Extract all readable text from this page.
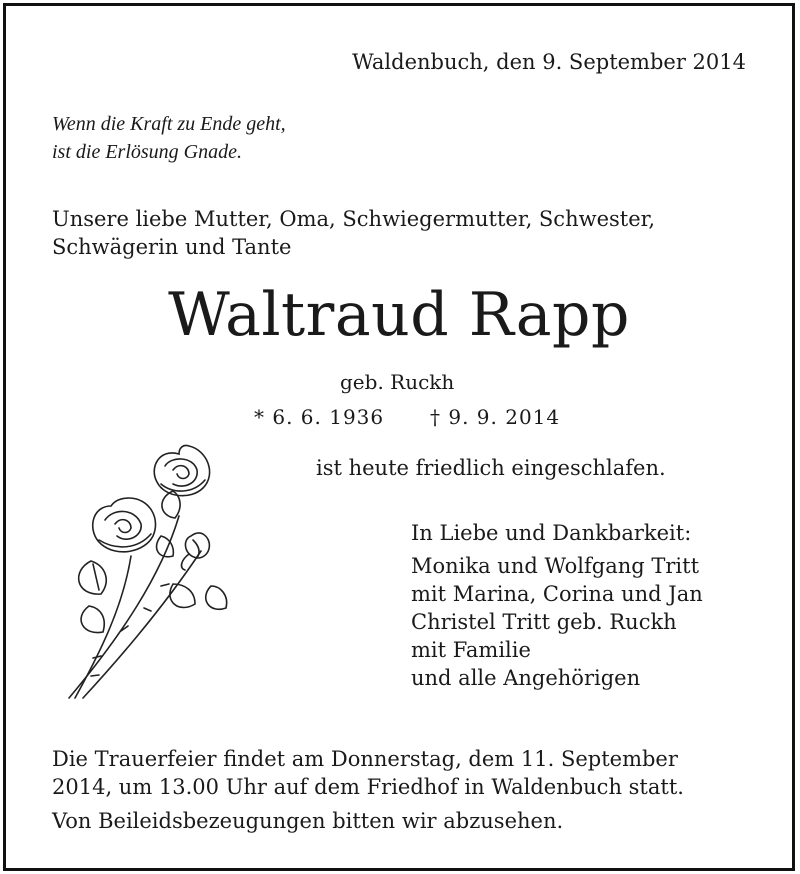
Waldenbuch, den 9. September 2014

Wenn die Kraft zu Ende geht,

ist die Erlösung Gnade.

Unsere liebe Mutter, Oma, Schwiegermutter, Schwester,

Schwägerin und Tante

Waltraud Rapp

geb. Ruckh

* 6. 6. 1936 † 9. 9. 2014

ist heute friedlich eingeschlafen.

In Liebe und Dankbarkeit:

Monika und Wolfgang Tritt

mit Marina, Corina und Jan

Christel Tritt geb. Ruckh

mit Familie

und alle Angehörigen

Die Trauerfeier findet am Donnerstag, dem 11. September

2014, um 13.00 Uhr auf dem Friedhof in Waldenbuch statt.

Von Beileidsbezeugungen bitten wir abzusehen.
